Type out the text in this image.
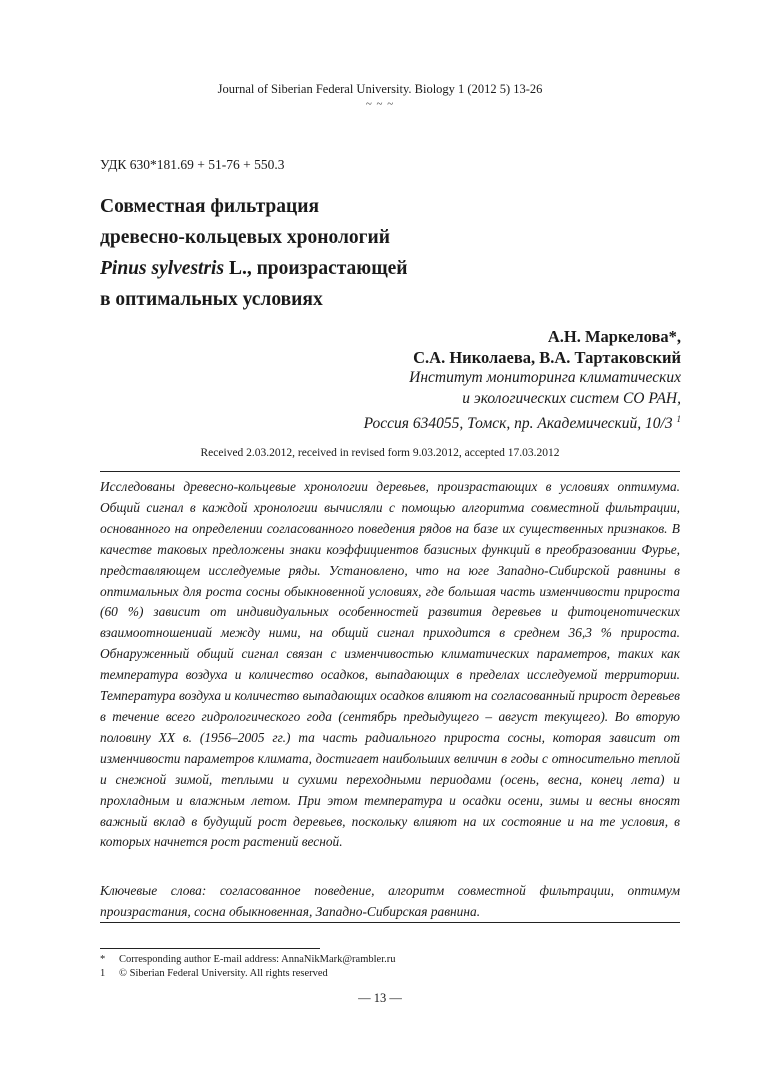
Journal of Siberian Federal University. Biology 1 (2012 5) 13-26
~ ~ ~
УДК 630*181.69 + 51-76 + 550.3
Совместная фильтрация
древесно-кольцевых хронологий
Pinus sylvestris L., произрастающей
в оптимальных условиях
А.Н. Маркелова*,
С.А. Николаева, В.А. Тартаковский
Институт мониторинга климатических
и экологических систем СО РАН,
Россия 634055, Томск, пр. Академический, 10/3 $^1$
Received 2.03.2012, received in revised form 9.03.2012, accepted 17.03.2012
Исследованы древесно-кольцевые хронологии деревьев, произрастающих в условиях оптимума. Общий сигнал в каждой хронологии вычисляли с помощью алгоритма совместной фильтрации, основанного на определении согласованного поведения рядов на базе их существенных признаков. В качестве таковых предложены знаки коэффициентов базисных функций в преобразовании Фурье, представляющем исследуемые ряды. Установлено, что на юге Западно-Сибирской равнины в оптимальных для роста сосны обыкновенной условиях, где большая часть изменчивости прироста (60 %) зависит от индивидуальных особенностей развития деревьев и фитоценотических взаимоотношениай между ними, на общий сигнал приходится в среднем 36,3 % прироста. Обнаруженный общий сигнал связан с изменчивостью климатических параметров, таких как температура воздуха и количество осадков, выпадающих в пределах исследуемой территории. Температура воздуха и количество выпадающих осадков влияют на согласованный прирост деревьев в течение всего гидрологического года (сентябрь предыдущего – август текущего). Во вторую половину XX в. (1956–2005 гг.) та часть радиального прироста сосны, которая зависит от изменчивости параметров климата, достигает наибольших величин в годы с относительно теплой и снежной зимой, теплыми и сухими переходными периодами (осень, весна, конец лета) и прохладным и влажным летом. При этом температура и осадки осени, зимы и весны вносят важный вклад в будущий рост деревьев, поскольку влияют на их состояние и на те условия, в которых начнется рост растений весной.
Ключевые слова: согласованное поведение, алгоритм совместной фильтрации, оптимум произрастания, сосна обыкновенная, Западно-Сибирская равнина.
*	Corresponding author E-mail address: AnnaNikMark@rambler.ru
1	© Siberian Federal University. All rights reserved
— 13 —
